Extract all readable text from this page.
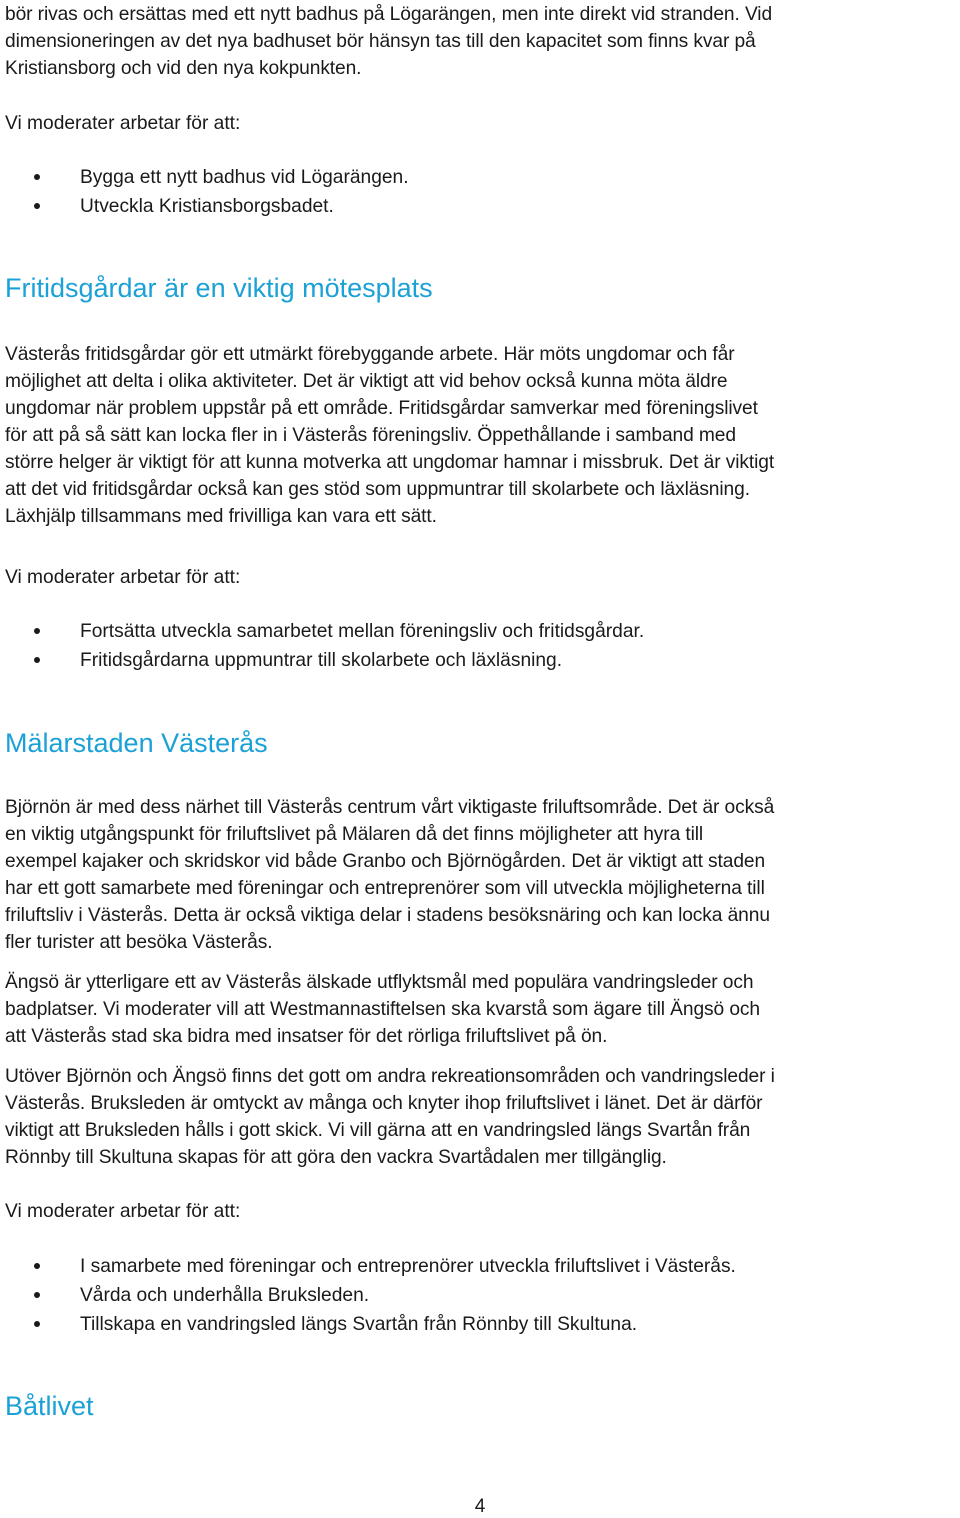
bör rivas och ersättas med ett nytt badhus på Lögarängen, men inte direkt vid stranden. Vid
dimensioneringen av det nya badhuset bör hänsyn tas till den kapacitet som finns kvar på
Kristiansborg och vid den nya kokpunkten.

Vi moderater arbetar för att:
Bygga ett nytt badhus vid Lögarängen.
Utveckla Kristiansborgsbadet.
Fritidsgårdar är en viktig mötesplats

Västerås fritidsgårdar gör ett utmärkt förebyggande arbete. Här möts ungdomar och får
möjlighet att delta i olika aktiviteter. Det är viktigt att vid behov också kunna möta äldre
ungdomar när problem uppstår på ett område. Fritidsgårdar samverkar med föreningslivet
för att på så sätt kan locka fler in i Västerås föreningsliv. Öppethållande i samband med
större helger är viktigt för att kunna motverka att ungdomar hamnar i missbruk. Det är viktigt
att det vid fritidsgårdar också kan ges stöd som uppmuntrar till skolarbete och läxläsning.
Läxhjälp tillsammans med frivilliga kan vara ett sätt.

Vi moderater arbetar för att:
Fortsätta utveckla samarbetet mellan föreningsliv och fritidsgårdar.
Fritidsgårdarna uppmuntrar till skolarbete och läxläsning.
Mälarstaden Västerås

Björnön är med dess närhet till Västerås centrum vårt viktigaste friluftsområde. Det är också
en viktig utgångspunkt för friluftslivet på Mälaren då det finns möjligheter att hyra till
exempel kajaker och skridskor vid både Granbo och Björnögården. Det är viktigt att staden
har ett gott samarbete med föreningar och entreprenörer som vill utveckla möjligheterna till
friluftsliv i Västerås. Detta är också viktiga delar i stadens besöksnäring och kan locka ännu
fler turister att besöka Västerås.

Ängsö är ytterligare ett av Västerås älskade utflyktsmål med populära vandringsleder och
badplatser. Vi moderater vill att Westmannastiftelsen ska kvarstå som ägare till Ängsö och
att Västerås stad ska bidra med insatser för det rörliga friluftslivet på ön.

Utöver Björnön och Ängsö finns det gott om andra rekreationsområden och vandringsleder i
Västerås. Bruksleden är omtyckt av många och knyter ihop friluftslivet i länet. Det är därför
viktigt att Bruksleden hålls i gott skick. Vi vill gärna att en vandringsled längs Svartån från
Rönnby till Skultuna skapas för att göra den vackra Svartådalen mer tillgänglig.

Vi moderater arbetar för att:
I samarbete med föreningar och entreprenörer utveckla friluftslivet i Västerås.
Vårda och underhålla Bruksleden.
Tillskapa en vandringsled längs Svartån från Rönnby till Skultuna.
Båtlivet
4
